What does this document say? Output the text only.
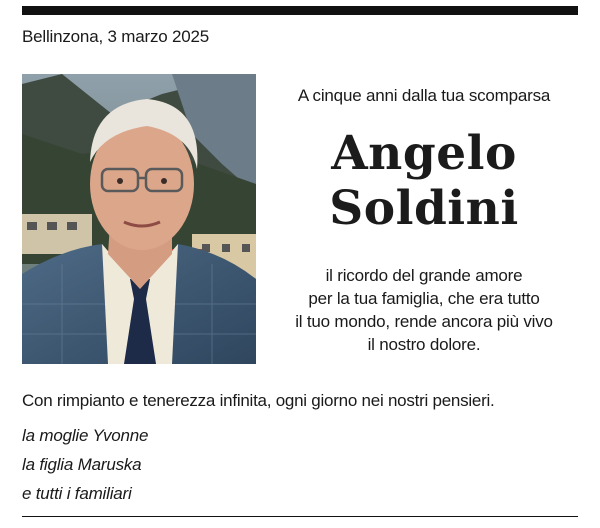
Bellinzona, 3 marzo 2025
A cinque anni dalla tua scomparsa
Angelo
Soldini
il ricordo del grande amore
per la tua famiglia, che era tutto
il tuo mondo, rende ancora più vivo
il nostro dolore.
Con rimpianto e tenerezza infinita, ogni giorno nei nostri pensieri.
la moglie Yvonne
la figlia Maruska
e tutti i familiari
